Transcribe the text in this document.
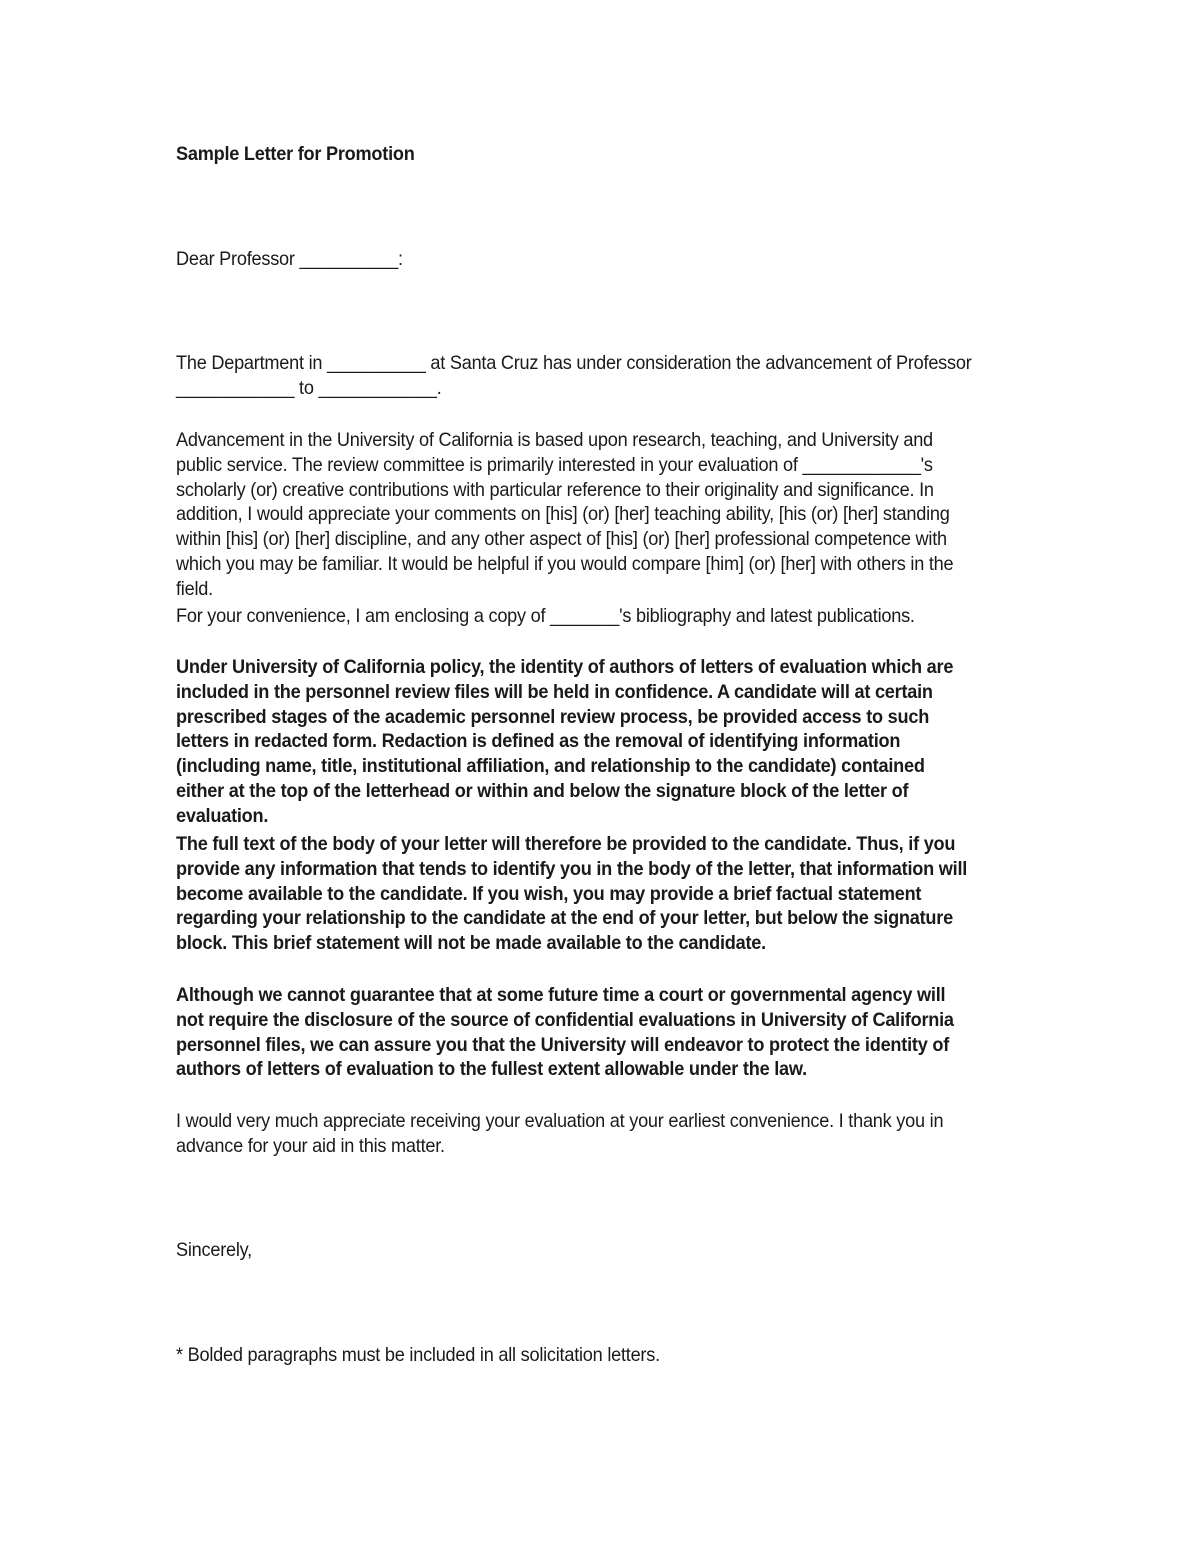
Sample Letter for Promotion

Dear Professor __________:

The Department in __________ at Santa Cruz has under consideration the advancement of Professor ____________ to ____________.

Advancement in the University of California is based upon research, teaching, and University and public service. The review committee is primarily interested in your evaluation of ____________'s scholarly (or) creative contributions with particular reference to their originality and significance. In addition, I would appreciate your comments on [his] (or) [her] teaching ability, [his (or) [her] standing within [his] (or) [her] discipline, and any other aspect of [his] (or) [her] professional competence with which you may be familiar. It would be helpful if you would compare [him] (or) [her] with others in the field.

For your convenience, I am enclosing a copy of _______'s bibliography and latest publications.

Under University of California policy, the identity of authors of letters of evaluation which are included in the personnel review files will be held in confidence. A candidate will at certain prescribed stages of the academic personnel review process, be provided access to such letters in redacted form. Redaction is defined as the removal of identifying information (including name, title, institutional affiliation, and relationship to the candidate) contained either at the top of the letterhead or within and below the signature block of the letter of evaluation.

The full text of the body of your letter will therefore be provided to the candidate. Thus, if you provide any information that tends to identify you in the body of the letter, that information will become available to the candidate. If you wish, you may provide a brief factual statement regarding your relationship to the candidate at the end of your letter, but below the signature block. This brief statement will not be made available to the candidate.

Although we cannot guarantee that at some future time a court or governmental agency will not require the disclosure of the source of confidential evaluations in University of California personnel files, we can assure you that the University will endeavor to protect the identity of authors of letters of evaluation to the fullest extent allowable under the law.

I would very much appreciate receiving your evaluation at your earliest convenience. I thank you in advance for your aid in this matter.

Sincerely,

* Bolded paragraphs must be included in all solicitation letters.
